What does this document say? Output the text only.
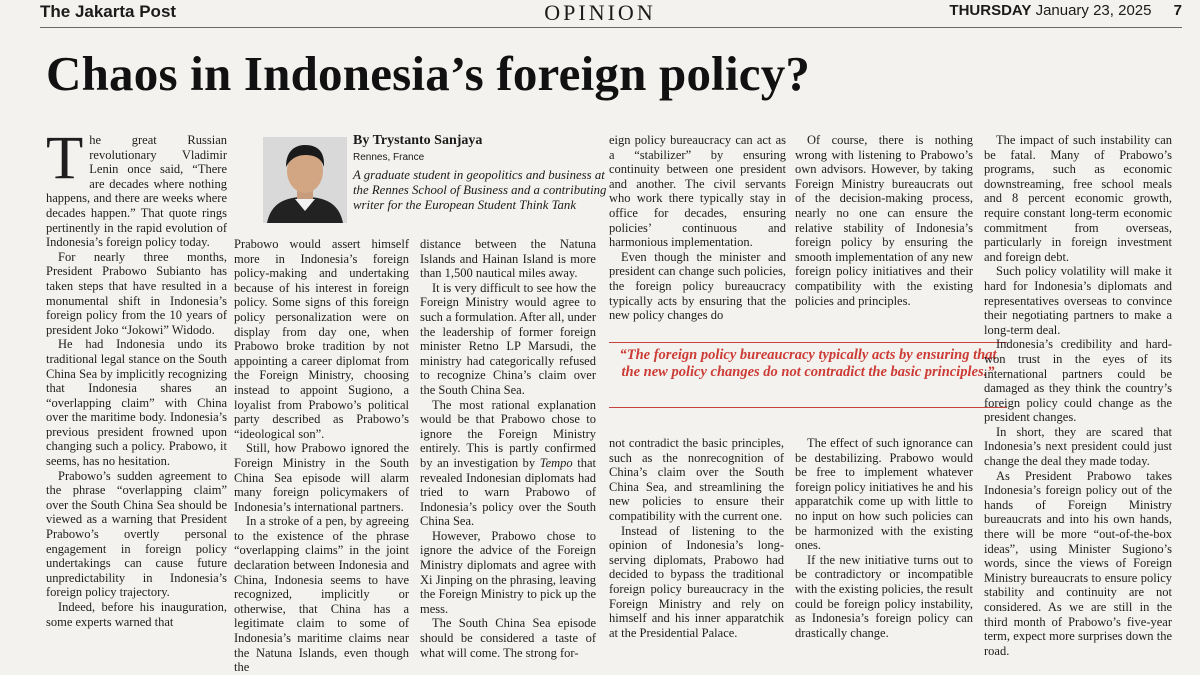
The Jakarta Post	OPINION	THURSDAY January 23, 2025 7
Chaos in Indonesia’s foreign policy?

The great Russian revolutionary Vladimir Lenin once said, “There are decades where nothing happens, and there are weeks where decades happen.” That quote rings pertinently in the rapid evolution of Indonesia’s foreign policy today.

For nearly three months, President Prabowo Subianto has taken steps that have resulted in a monumental shift in Indonesia’s foreign policy from the 10 years of president Joko “Jokowi” Widodo.

He had Indonesia undo its traditional legal stance on the South China Sea by implicitly recognizing that Indonesia shares an “overlapping claim” with China over the maritime body. Indonesia’s previous president frowned upon changing such a policy. Prabowo, it seems, has no hesitation.

Prabowo’s sudden agreement to the phrase “overlapping claim” over the South China Sea should be viewed as a warning that President Prabowo’s overtly personal engagement in foreign policy undertakings can cause future unpredictability in Indonesia’s foreign policy trajectory.

Indeed, before his inauguration, some experts warned that

By Trystanto Sanjaya
Rennes, France
A graduate student in geopolitics and business at the Rennes School of Business and a contributing writer for the European Student Think Tank

Prabowo would assert himself more in Indonesia’s foreign policy-making and undertaking because of his interest in foreign policy. Some signs of this foreign policy personalization were on display from day one, when Prabowo broke tradition by not appointing a career diplomat from the Foreign Ministry, choosing instead to appoint Sugiono, a loyalist from Prabowo’s political party described as Prabowo’s “ideological son”.

Still, how Prabowo ignored the Foreign Ministry in the South China Sea episode will alarm many foreign policymakers of Indonesia’s international partners.

In a stroke of a pen, by agreeing to the existence of the phrase “overlapping claims” in the joint declaration between Indonesia and China, Indonesia seems to have recognized, implicitly or otherwise, that China has a legitimate claim to some of Indonesia’s maritime claims near the Natuna Islands, even though the

distance between the Natuna Islands and Hainan Island is more than 1,500 nautical miles away.

It is very difficult to see how the Foreign Ministry would agree to such a formulation. After all, under the leadership of former foreign minister Retno LP Marsudi, the ministry had categorically refused to recognize China’s claim over the South China Sea.

The most rational explanation would be that Prabowo chose to ignore the Foreign Ministry entirely. This is partly confirmed by an investigation by Tempo that revealed Indonesian diplomats had tried to warn Prabowo of Indonesia’s policy over the South China Sea.

However, Prabowo chose to ignore the advice of the Foreign Ministry diplomats and agree with Xi Jinping on the phrasing, leaving the Foreign Ministry to pick up the mess.

The South China Sea episode should be considered a taste of what will come. The strong for-

eign policy bureaucracy can act as a “stabilizer” by ensuring continuity between one president and another. The civil servants who work there typically stay in office for decades, ensuring policies’ continuous and harmonious implementation.

Even though the minister and president can change such policies, the foreign policy bureaucracy typically acts by ensuring that the new policy changes do

Of course, there is nothing wrong with listening to Prabowo’s own advisors. However, by taking Foreign Ministry bureaucrats out of the decision-making process, nearly no one can ensure the relative stability of Indonesia’s foreign policy by ensuring the smooth implementation of any new foreign policy initiatives and their compatibility with the existing policies and principles.

“The foreign policy bureaucracy typically acts by ensuring that the new policy changes do not contradict the basic principles.”

not contradict the basic principles, such as the nonrecognition of China’s claim over the South China Sea, and streamlining the new policies to ensure their compatibility with the current one.

Instead of listening to the opinion of Indonesia’s long-serving diplomats, Prabowo had decided to bypass the traditional foreign policy bureaucracy in the Foreign Ministry and rely on himself and his inner apparatchik at the Presidential Palace.

The effect of such ignorance can be destabilizing. Prabowo would be free to implement whatever foreign policy initiatives he and his apparatchik come up with little to no input on how such policies can be harmonized with the existing ones.

If the new initiative turns out to be contradictory or incompatible with the existing policies, the result could be foreign policy instability, as Indonesia’s foreign policy can drastically change.

The impact of such instability can be fatal. Many of Prabowo’s programs, such as economic downstreaming, free school meals and 8 percent economic growth, require constant long-term economic commitment from overseas, particularly in foreign investment and foreign debt.

Such policy volatility will make it hard for Indonesia’s diplomats and representatives overseas to convince their negotiating partners to make a long-term deal.

Indonesia’s credibility and hard-won trust in the eyes of its international partners could be damaged as they think the country’s foreign policy could change as the president changes.

In short, they are scared that Indonesia’s next president could just change the deal they made today.

As President Prabowo takes Indonesia’s foreign policy out of the hands of Foreign Ministry bureaucrats and into his own hands, there will be more “out-of-the-box ideas”, using Minister Sugiono’s words, since the views of Foreign Ministry bureaucrats to ensure policy stability and continuity are not considered. As we are still in the third month of Prabowo’s five-year term, expect more surprises down the road.
